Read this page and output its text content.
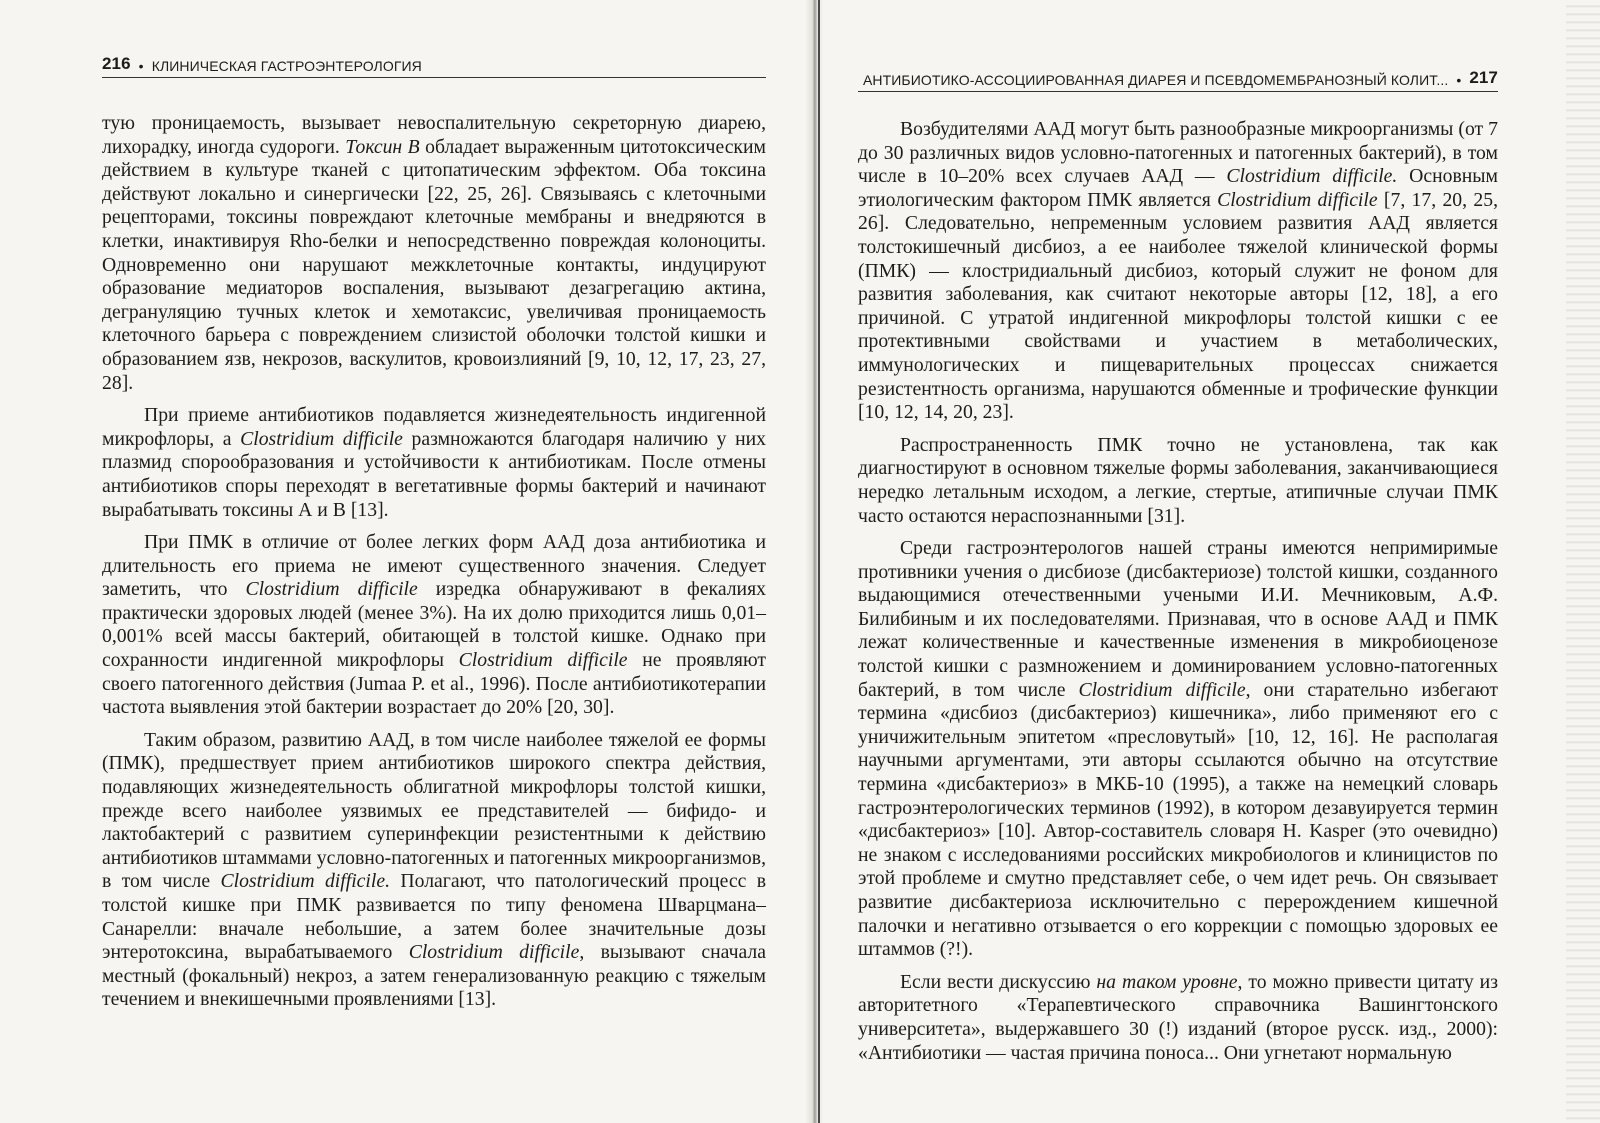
216 • КЛИНИЧЕСКАЯ ГАСТРОЭНТЕРОЛОГИЯ

тую проницаемость, вызывает невоспалительную секреторную диарею, лихорадку, иногда судороги. Токсин В обладает выраженным цитотоксическим действием в культуре тканей с цитопатическим эффектом. Оба токсина действуют локально и синергически [22, 25, 26]. Связываясь с клеточными рецепторами, токсины повреждают клеточные мембраны и внедряются в клетки, инактивируя Rho-белки и непосредственно повреждая колоноциты. Одновременно они нарушают межклеточные контакты, индуцируют образование медиаторов воспаления, вызывают дезагрегацию актина, дегрануляцию тучных клеток и хемотаксис, увеличивая проницаемость клеточного барьера с повреждением слизистой оболочки толстой кишки и образованием язв, некрозов, васкулитов, кровоизлияний [9, 10, 12, 17, 23, 27, 28].

При приеме антибиотиков подавляется жизнедеятельность индигенной микрофлоры, а Clostridium difficile размножаются благодаря наличию у них плазмид спорообразования и устойчивости к антибиотикам. После отмены антибиотиков споры переходят в вегетативные формы бактерий и начинают вырабатывать токсины А и В [13].

При ПМК в отличие от более легких форм ААД доза антибиотика и длительность его приема не имеют существенного значения. Следует заметить, что Clostridium difficile изредка обнаруживают в фекалиях практически здоровых людей (менее 3%). На их долю приходится лишь 0,01–0,001% всей массы бактерий, обитающей в толстой кишке. Однако при сохранности индигенной микрофлоры Clostridium difficile не проявляют своего патогенного действия (Jumaa P. et al., 1996). После антибиотикотерапии частота выявления этой бактерии возрастает до 20% [20, 30].

Таким образом, развитию ААД, в том числе наиболее тяжелой ее формы (ПМК), предшествует прием антибиотиков широкого спектра действия, подавляющих жизнедеятельность облигатной микрофлоры толстой кишки, прежде всего наиболее уязвимых ее представителей — бифидо- и лактобактерий с развитием суперинфекции резистентными к действию антибиотиков штаммами условно-патогенных и патогенных микроорганизмов, в том числе Clostridium difficile. Полагают, что патологический процесс в толстой кишке при ПМК развивается по типу феномена Шварцмана–Санарелли: вначале небольшие, а затем более значительные дозы энтеротоксина, вырабатываемого Clostridium difficile, вызывают сначала местный (фокальный) некроз, а затем генерализованную реакцию с тяжелым течением и внекишечными проявлениями [13].

АНТИБИОТИКО-АССОЦИИРОВАННАЯ ДИАРЕЯ И ПСЕВДОМЕМБРАНОЗНЫЙ КОЛИТ... • 217

Возбудителями ААД могут быть разнообразные микроорганизмы (от 7 до 30 различных видов условно-патогенных и патогенных бактерий), в том числе в 10–20% всех случаев ААД — Clostridium difficile. Основным этиологическим фактором ПМК является Clostridium difficile [7, 17, 20, 25, 26]. Следовательно, непременным условием развития ААД является толстокишечный дисбиоз, а ее наиболее тяжелой клинической формы (ПМК) — клостридиальный дисбиоз, который служит не фоном для развития заболевания, как считают некоторые авторы [12, 18], а его причиной. С утратой индигенной микрофлоры толстой кишки с ее протективными свойствами и участием в метаболических, иммунологических и пищеварительных процессах снижается резистентность организма, нарушаются обменные и трофические функции [10, 12, 14, 20, 23].

Распространенность ПМК точно не установлена, так как диагностируют в основном тяжелые формы заболевания, заканчивающиеся нередко летальным исходом, а легкие, стертые, атипичные случаи ПМК часто остаются нераспознанными [31].

Среди гастроэнтерологов нашей страны имеются непримиримые противники учения о дисбиозе (дисбактериозе) толстой кишки, созданного выдающимися отечественными учеными И.И. Мечниковым, А.Ф. Билибиным и их последователями. Признавая, что в основе ААД и ПМК лежат количественные и качественные изменения в микробиоценозе толстой кишки с размножением и доминированием условно-патогенных бактерий, в том числе Clostridium difficile, они старательно избегают термина «дисбиоз (дисбактериоз) кишечника», либо применяют его с уничижительным эпитетом «пресловутый» [10, 12, 16]. Не располагая научными аргументами, эти авторы ссылаются обычно на отсутствие термина «дисбактериоз» в МКБ-10 (1995), а также на немецкий словарь гастроэнтерологических терминов (1992), в котором дезавуируется термин «дисбактериоз» [10]. Автор-составитель словаря H. Kasper (это очевидно) не знаком с исследованиями российских микробиологов и клиницистов по этой проблеме и смутно представляет себе, о чем идет речь. Он связывает развитие дисбактериоза исключительно с перерождением кишечной палочки и негативно отзывается о его коррекции с помощью здоровых ее штаммов (?!).

Если вести дискуссию на таком уровне, то можно привести цитату из авторитетного «Терапевтического справочника Вашингтонского университета», выдержавшего 30 (!) изданий (второе русск. изд., 2000): «Антибиотики — частая причина поноса... Они угнетают нормальную
